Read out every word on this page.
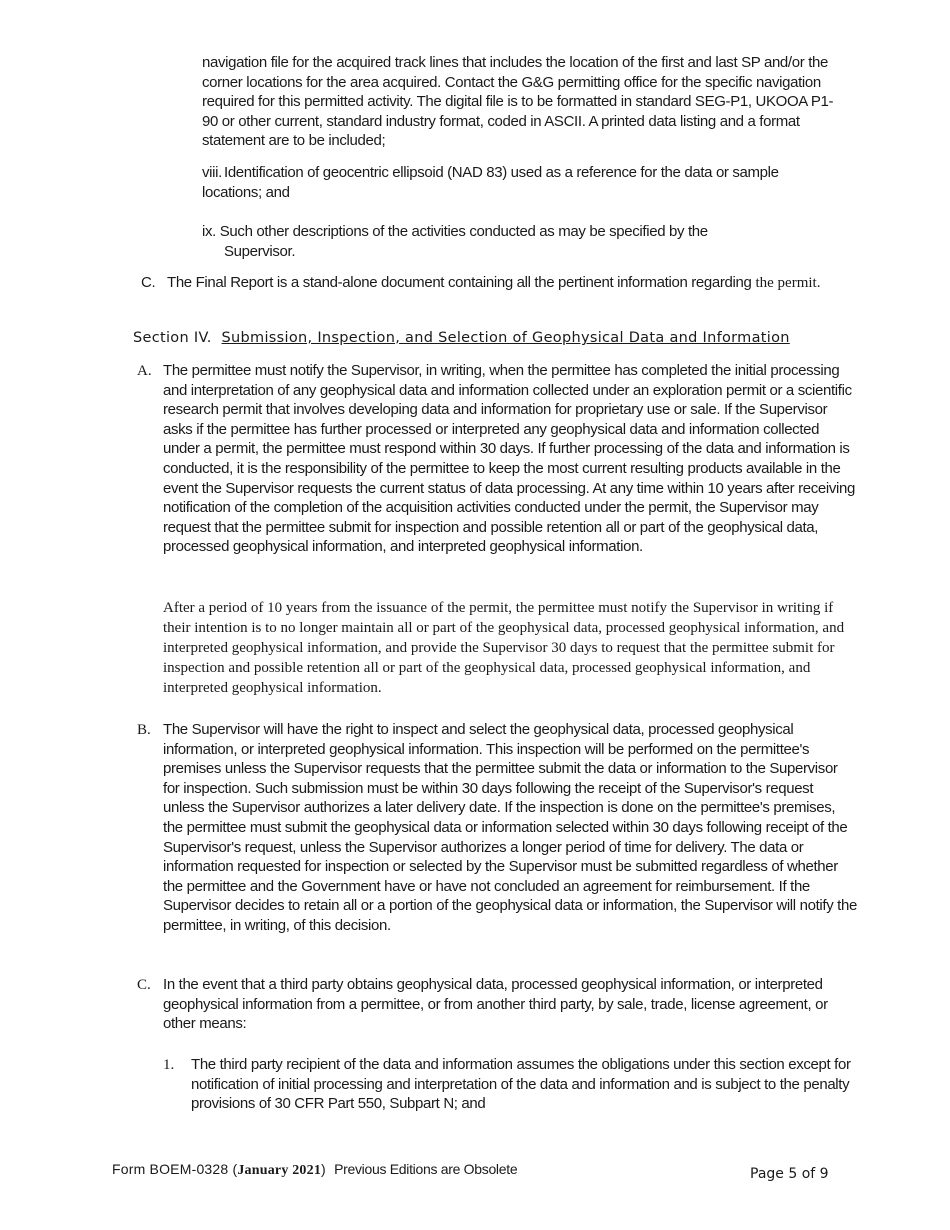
navigation file for the acquired track lines that includes the location of the first and last SP and/or the corner locations for the area acquired. Contact the G&G permitting office for the specific navigation required for this permitted activity. The digital file is to be formatted in standard SEG-P1, UKOOA P1-90 or other current, standard industry format, coded in ASCII. A printed data listing and a format statement are to be included;

viii. Identification of geocentric ellipsoid (NAD 83) used as a reference for the data or sample locations; and
ix. Such other descriptions of the activities conducted as may be specified by the Supervisor.
C. The Final Report is a stand-alone document containing all the pertinent information regarding the permit.
Section IV. Submission, Inspection, and Selection of Geophysical Data and Information
A. The permittee must notify the Supervisor, in writing, when the permittee has completed the initial processing and interpretation of any geophysical data and information collected under an exploration permit or a scientific research permit that involves developing data and information for proprietary use or sale. If the Supervisor asks if the permittee has further processed or interpreted any geophysical data and information collected under a permit, the permittee must respond within 30 days. If further processing of the data and information is conducted, it is the responsibility of the permittee to keep the most current resulting products available in the event the Supervisor requests the current status of data processing. At any time within 10 years after receiving notification of the completion of the acquisition activities conducted under the permit, the Supervisor may request that the permittee submit for inspection and possible retention all or part of the geophysical data, processed geophysical information, and interpreted geophysical information.

After a period of 10 years from the issuance of the permit, the permittee must notify the Supervisor in writing if their intention is to no longer maintain all or part of the geophysical data, processed geophysical information, and interpreted geophysical information, and provide the Supervisor 30 days to request that the permittee submit for inspection and possible retention all or part of the geophysical data, processed geophysical information, and interpreted geophysical information.

B. The Supervisor will have the right to inspect and select the geophysical data, processed geophysical information, or interpreted geophysical information. This inspection will be performed on the permittee's premises unless the Supervisor requests that the permittee submit the data or information to the Supervisor for inspection. Such submission must be within 30 days following the receipt of the Supervisor's request unless the Supervisor authorizes a later delivery date. If the inspection is done on the permittee's premises, the permittee must submit the geophysical data or information selected within 30 days following receipt of the Supervisor's request, unless the Supervisor authorizes a longer period of time for delivery. The data or information requested for inspection or selected by the Supervisor must be submitted regardless of whether the permittee and the Government have or have not concluded an agreement for reimbursement. If the Supervisor decides to retain all or a portion of the geophysical data or information, the Supervisor will notify the permittee, in writing, of this decision.

C. In the event that a third party obtains geophysical data, processed geophysical information, or interpreted geophysical information from a permittee, or from another third party, by sale, trade, license agreement, or other means:

1. The third party recipient of the data and information assumes the obligations under this section except for notification of initial processing and interpretation of the data and information and is subject to the penalty provisions of 30 CFR Part 550, Subpart N; and

Form BOEM-0328 (January 2021) Previous Editions are Obsolete	Page 5 of 9
